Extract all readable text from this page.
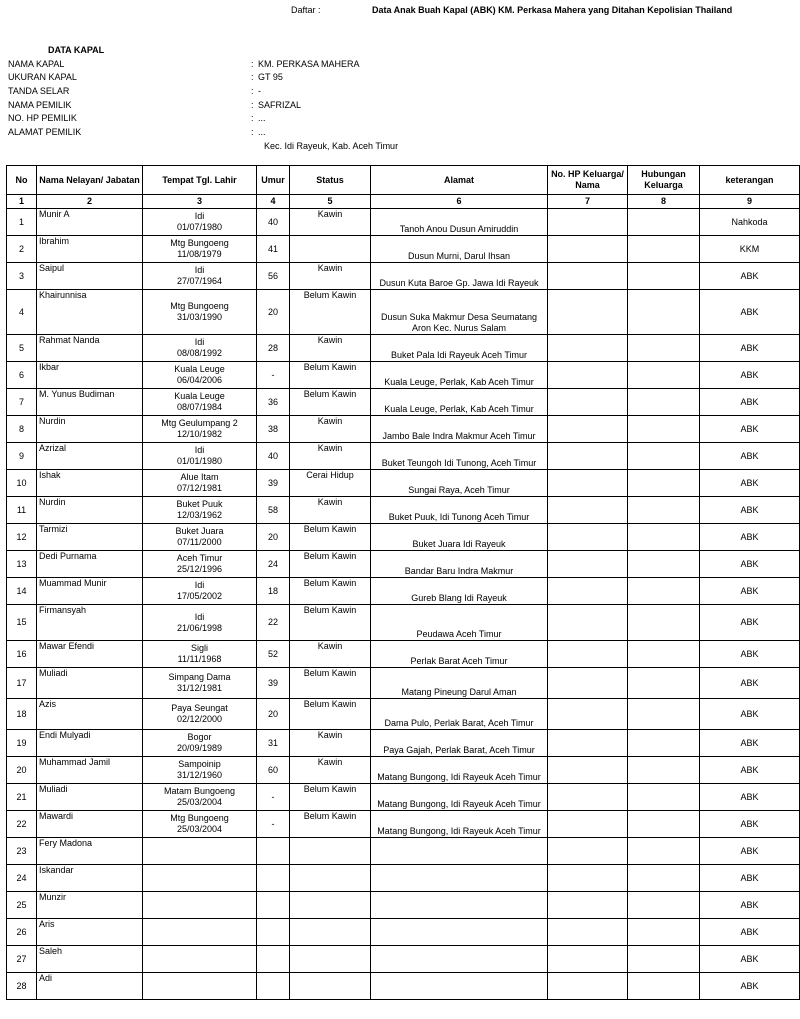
Daftar :	Data Anak Buah Kapal (ABK) KM. Perkasa Mahera yang Ditahan Kepolisian Thailand
DATA KAPAL
NAMA KAPAL	: KM. PERKASA MAHERA
UKURAN KAPAL	: GT 95
TANDA SELAR	: -
NAMA PEMILIK	: SAFRIZAL
NO. HP PEMILIK	: ...
ALAMAT PEMILIK	: ...
Kec. Idi Rayeuk, Kab. Aceh Timur
No	Nama Nelayan/ Jabatan	Tempat Tgl. Lahir	Umur	Status	Alamat	No. HP Keluarga/ Nama	Hubungan Keluarga	keterangan
1	2	3	4	5	6	7	8	9
1	Munir A	Idi
01/07/1980	40	Kawin	Tanoh Anou Dusun Amiruddin			Nahkoda
2	Ibrahim	Mtg Bungoeng
11/08/1979	41		Dusun Murni, Darul Ihsan			KKM
3	Saipul	Idi
27/07/1964	56	Kawin	Dusun Kuta Baroe Gp. Jawa Idi Rayeuk			ABK
4	Khairunnisa	Mtg Bungoeng
31/03/1990	20	Belum Kawin	Dusun Suka Makmur Desa Seumatang Aron Kec. Nurus Salam			ABK
5	Rahmat Nanda	Idi
08/08/1992	28	Kawin	Buket Pala Idi Rayeuk Aceh Timur			ABK
6	Ikbar	Kuala Leuge
06/04/2006	-	Belum Kawin	Kuala Leuge, Perlak, Kab Aceh Timur			ABK
7	M. Yunus Budiman	Kuala Leuge
08/07/1984	36	Belum Kawin	Kuala Leuge, Perlak, Kab Aceh Timur			ABK
8	Nurdin	Mtg Geulumpang 2
12/10/1982	38	Kawin	Jambo Bale Indra Makmur Aceh Timur			ABK
9	Azrizal	Idi
01/01/1980	40	Kawin	Buket Teungoh Idi Tunong, Aceh Timur			ABK
10	Ishak	Alue Itam
07/12/1981	39	Cerai Hidup	Sungai Raya, Aceh Timur			ABK
11	Nurdin	Buket Puuk
12/03/1962	58	Kawin	Buket Puuk, Idi Tunong Aceh Timur			ABK
12	Tarmizi	Buket Juara
07/11/2000	20	Belum Kawin	Buket Juara Idi Rayeuk			ABK
13	Dedi Purnama	Aceh Timur
25/12/1996	24	Belum Kawin	Bandar Baru Indra Makmur			ABK
14	Muammad Munir	Idi
17/05/2002	18	Belum Kawin	Gureb Blang Idi Rayeuk			ABK
15	Firmansyah	Idi
21/06/1998	22	Belum Kawin	Peudawa Aceh Timur			ABK
16	Mawar Efendi	Sigli
11/11/1968	52	Kawin	Perlak Barat Aceh Timur			ABK
17	Muliadi	Simpang Dama
31/12/1981	39	Belum Kawin	Matang Pineung Darul Aman			ABK
18	Azis	Paya Seungat
02/12/2000	20	Belum Kawin	Dama Pulo, Perlak Barat, Aceh Timur			ABK
19	Endi Mulyadi	Bogor
20/09/1989	31	Kawin	Paya Gajah, Perlak Barat, Aceh Timur			ABK
20	Muhammad Jamil	Sampoinip
31/12/1960	60	Kawin	Matang Bungong, Idi Rayeuk Aceh Timur			ABK
21	Muliadi	Matam Bungoeng
25/03/2004	-	Belum Kawin	Matang Bungong, Idi Rayeuk Aceh Timur			ABK
22	Mawardi	Mtg Bungoeng
25/03/2004	-	Belum Kawin	Matang Bungong, Idi Rayeuk Aceh Timur			ABK
23	Fery Madona							ABK
24	Iskandar							ABK
25	Munzir							ABK
26	Aris							ABK
27	Saleh							ABK
28	Adi							ABK
